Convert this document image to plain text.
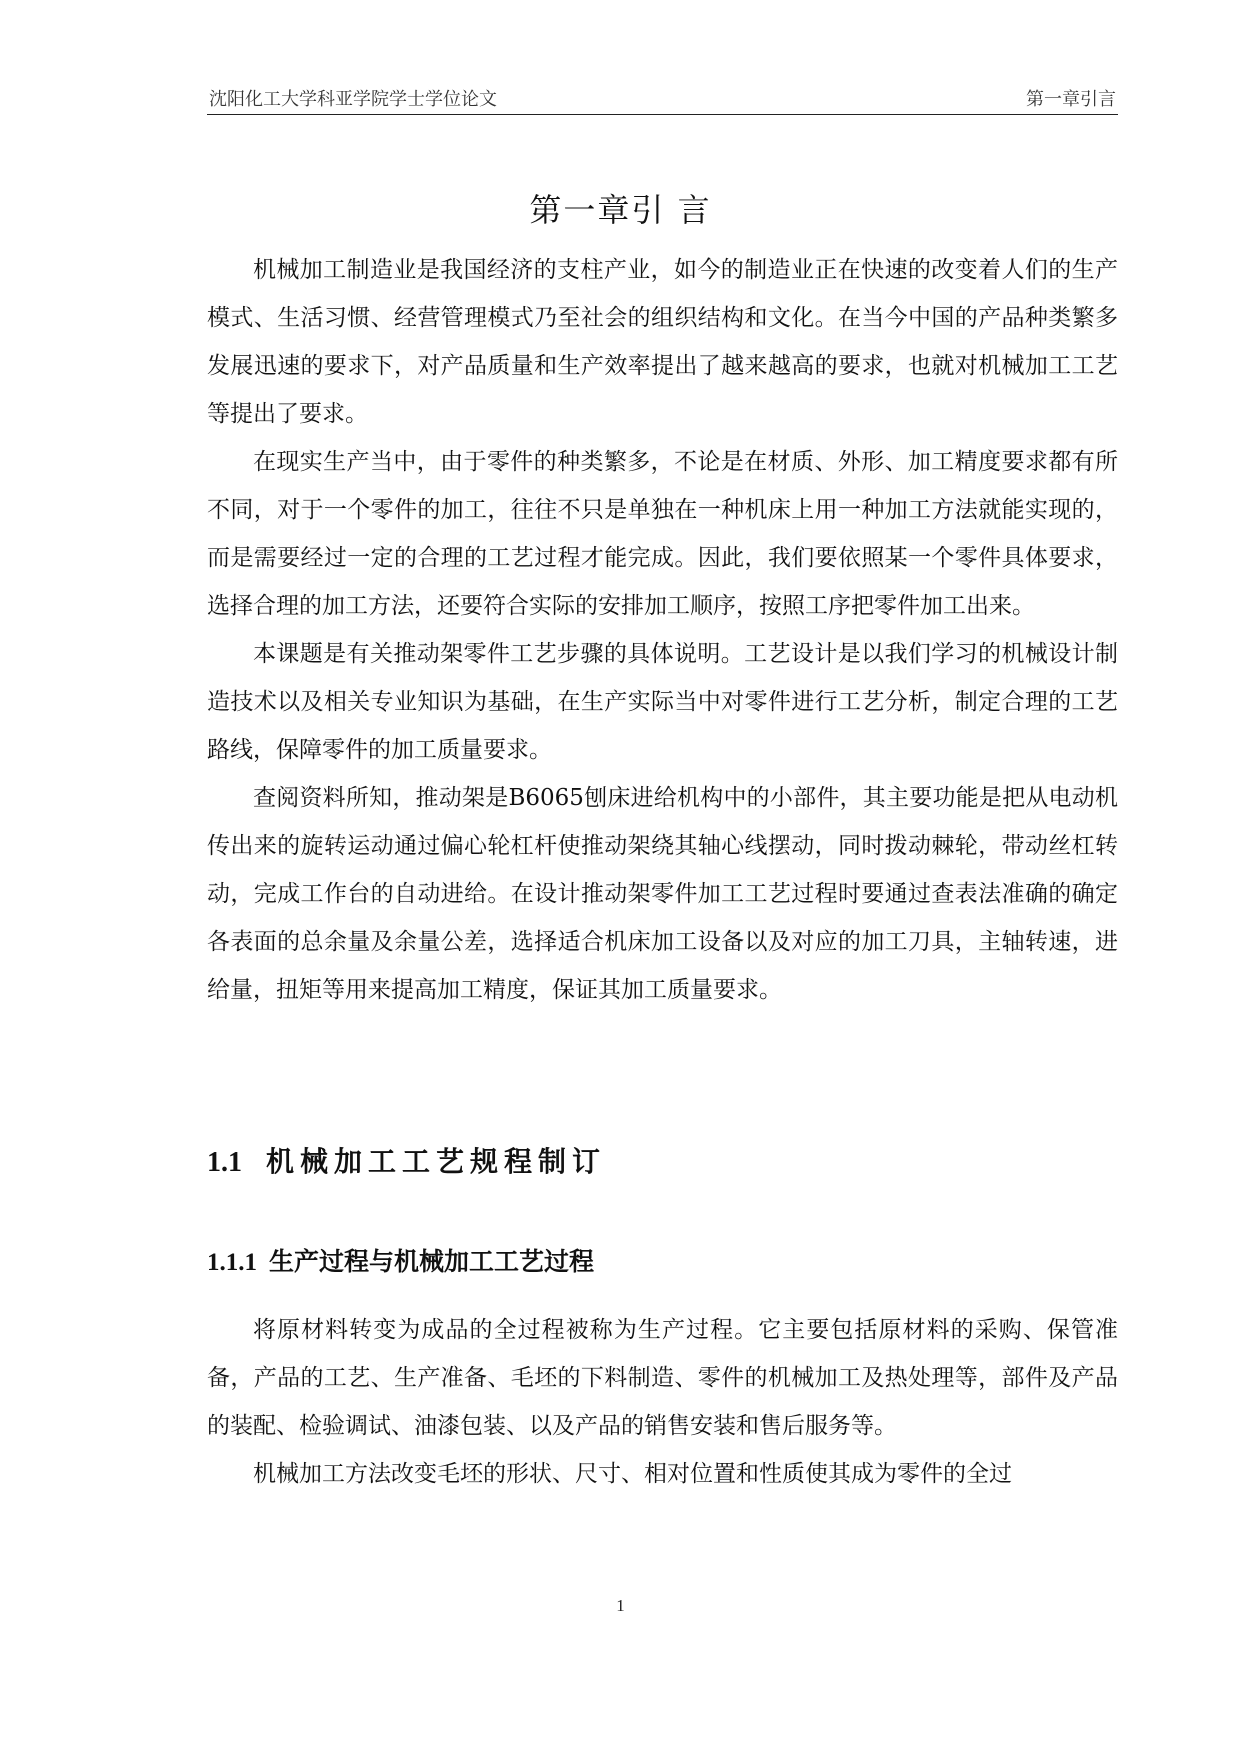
沈阳化工大学科亚学院学士学位论文	第一章引言
第一章引 言

机械加工制造业是我国经济的支柱产业，如今的制造业正在快速的改变着人们的生产模式、生活习惯、经营管理模式乃至社会的组织结构和文化。在当今中国的产品种类繁多发展迅速的要求下，对产品质量和生产效率提出了越来越高的要求，也就对机械加工工艺等提出了要求。

在现实生产当中，由于零件的种类繁多，不论是在材质、外形、加工精度要求都有所不同，对于一个零件的加工，往往不只是单独在一种机床上用一种加工方法就能实现的，而是需要经过一定的合理的工艺过程才能完成。因此，我们要依照某一个零件具体要求，选择合理的加工方法，还要符合实际的安排加工顺序，按照工序把零件加工出来。

本课题是有关推动架零件工艺步骤的具体说明。工艺设计是以我们学习的机械设计制造技术以及相关专业知识为基础，在生产实际当中对零件进行工艺分析，制定合理的工艺路线，保障零件的加工质量要求。

查阅资料所知，推动架是B6065刨床进给机构中的小部件，其主要功能是把从电动机传出来的旋转运动通过偏心轮杠杆使推动架绕其轴心线摆动，同时拨动棘轮，带动丝杠转动，完成工作台的自动进给。在设计推动架零件加工工艺过程时要通过查表法准确的确定各表面的总余量及余量公差，选择适合机床加工设备以及对应的加工刀具，主轴转速，进给量，扭矩等用来提高加工精度，保证其加工质量要求。

1.1 机械加工工艺规程制订
1.1.1 生产过程与机械加工工艺过程

将原材料转变为成品的全过程被称为生产过程。它主要包括原材料的采购、保管准备，产品的工艺、生产准备、毛坯的下料制造、零件的机械加工及热处理等，部件及产品的装配、检验调试、油漆包装、以及产品的销售安装和售后服务等。

机械加工方法改变毛坯的形状、尺寸、相对位置和性质使其成为零件的全过

1
